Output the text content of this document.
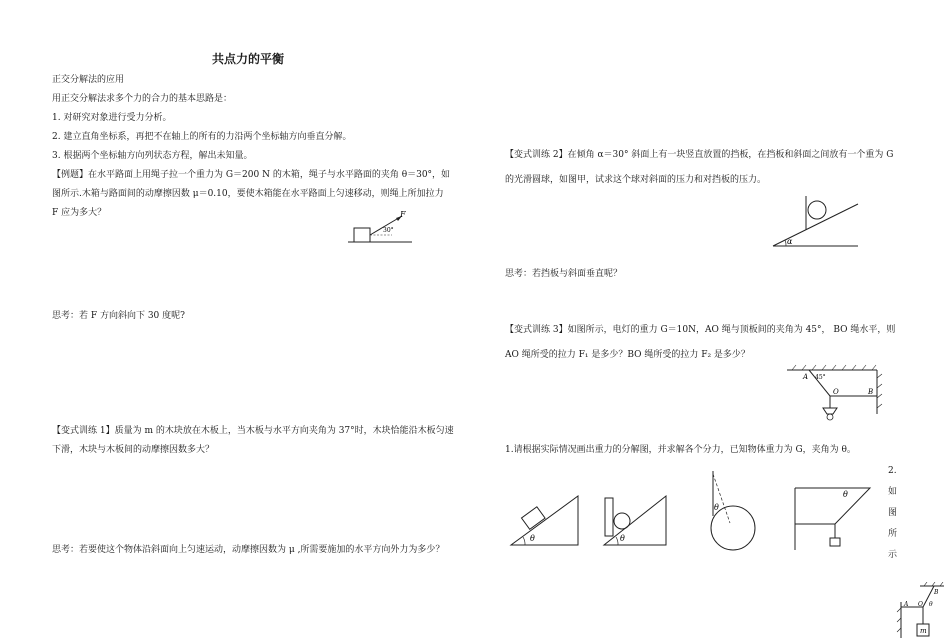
共点力的平衡
正交分解法的应用
用正交分解法求多个力的合力的基本思路是：
1. 对研究对象进行受力分析。
2. 建立直角坐标系，再把不在轴上的所有的力沿两个坐标轴方向垂直分解。
3. 根据两个坐标轴方向列状态方程，解出未知量。
【例题】在水平路面上用绳子拉一个重力为 G＝200 N 的木箱，绳子与水平路面的夹角 θ＝30°，如图所示.木箱与路面间的动摩擦因数 μ＝0.10，要使木箱能在水平路面上匀速移动，则绳上所加拉力 F 应为多大？	F
30°
思考：若 F 方向斜向下 30 度呢?
【变式训练 1】质量为 m 的木块放在木板上，当木板与水平方向夹角为 37°时，木块恰能沿木板匀速下滑，木块与木板间的动摩擦因数多大？
思考：若要使这个物体沿斜面向上匀速运动，动摩擦因数为 μ ,所需要施加的水平方向外力为多少？
【变式训练 2】在倾角 α＝30° 斜面上有一块竖直放置的挡板，在挡板和斜面之间放有一个重为 G 的光滑圆球，如图甲，试求这个球对斜面的压力和对挡板的压力。
α
思考：若挡板与斜面垂直呢？
【变式训练 3】如图所示，电灯的重力 G＝10N，AO 绳与顶板间的夹角为 45°， BO 绳水平，则 AO 绳所受的拉力 F₁ 是多少？BO 绳所受的拉力 F₂ 是多少？
A 45°
O	B
1.请根据实际情况画出重力的分解图，并求解各个分力，已知物体重力为 G，夹角为 θ。
θ	θ
θ
θ
2.
如
图
所
示
B
A O θ
m
